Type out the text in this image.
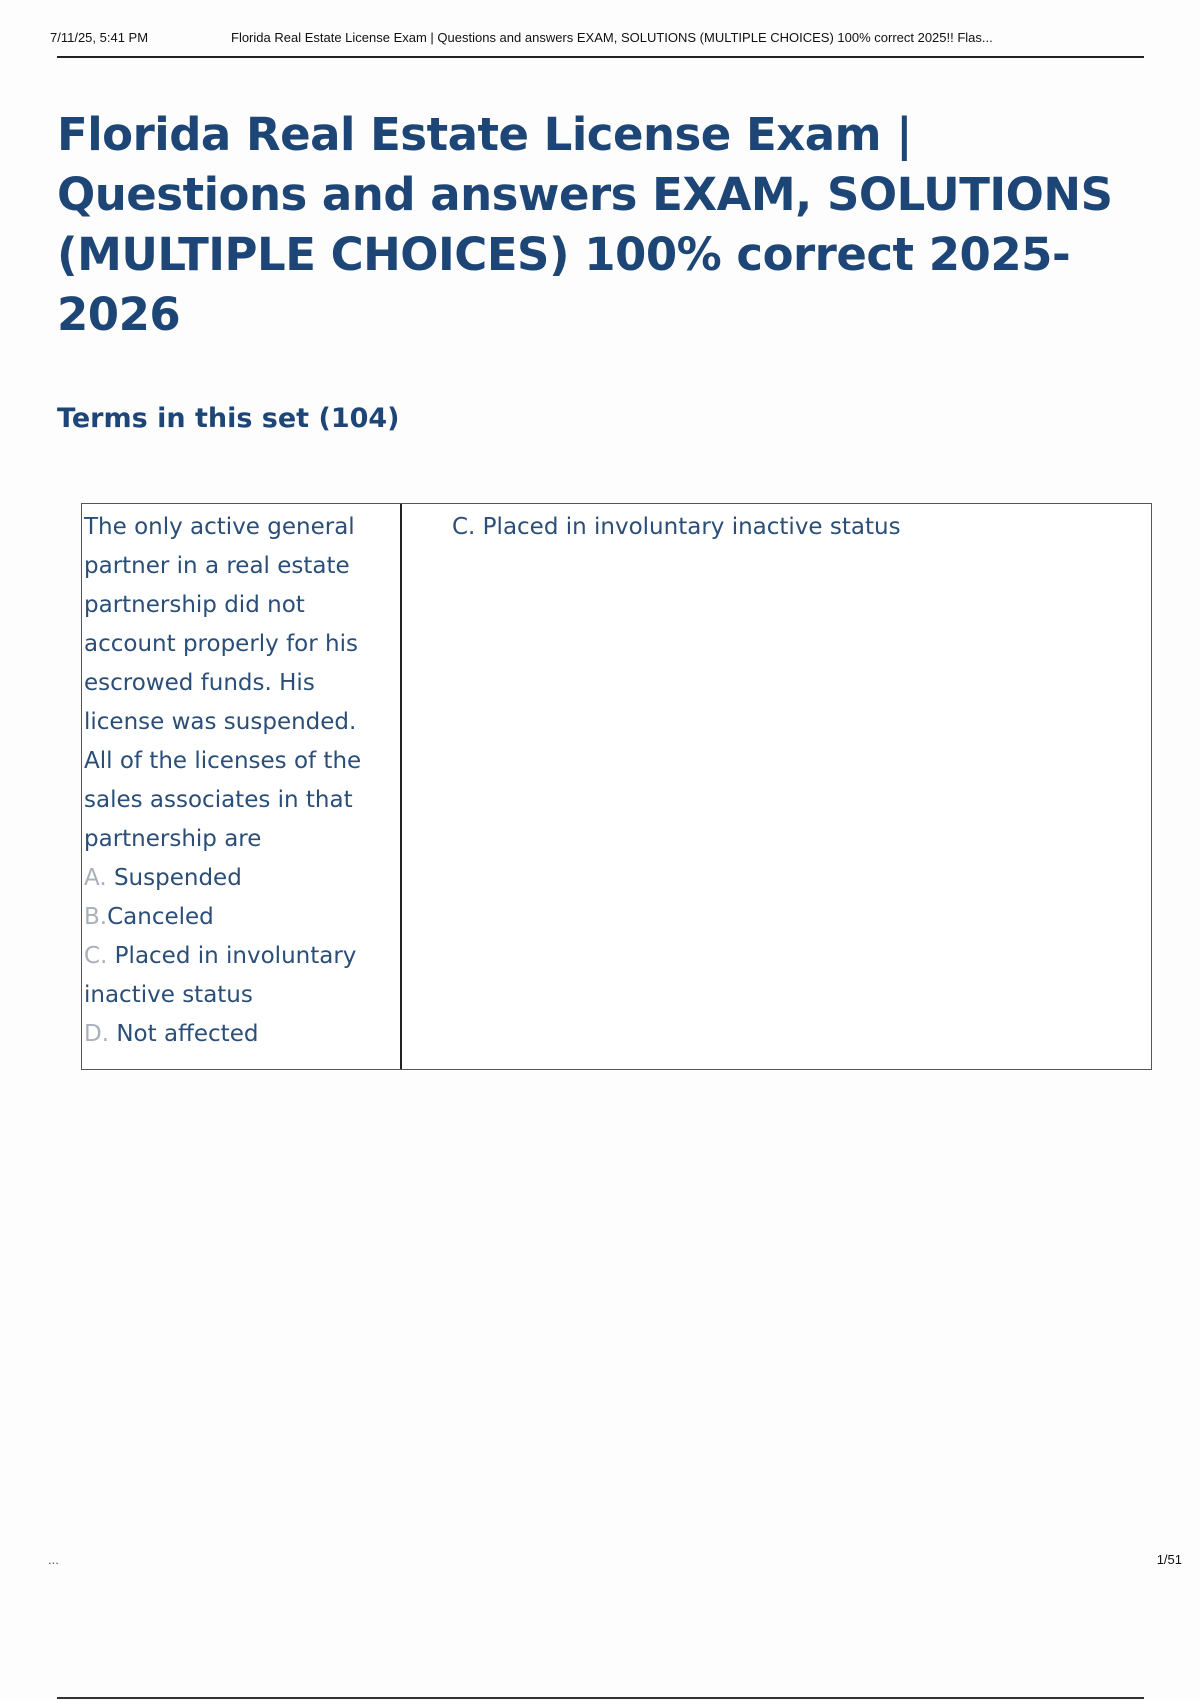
7/11/25, 5:41 PM	Florida Real Estate License Exam | Questions and answers EXAM, SOLUTIONS (MULTIPLE CHOICES) 100% correct 2025!! Flas...
Florida Real Estate License Exam | Questions and answers EXAM, SOLUTIONS (MULTIPLE CHOICES) 100% correct 2025-2026
Terms in this set (104)
The only active general partner in a real estate partnership did not account properly for his escrowed funds. His license was suspended. All of the licenses of the sales associates in that partnership are
A. Suspended
B.Canceled
C. Placed in involuntary inactive status
D. Not affected
C. Placed in involuntary inactive status
...	1/51
